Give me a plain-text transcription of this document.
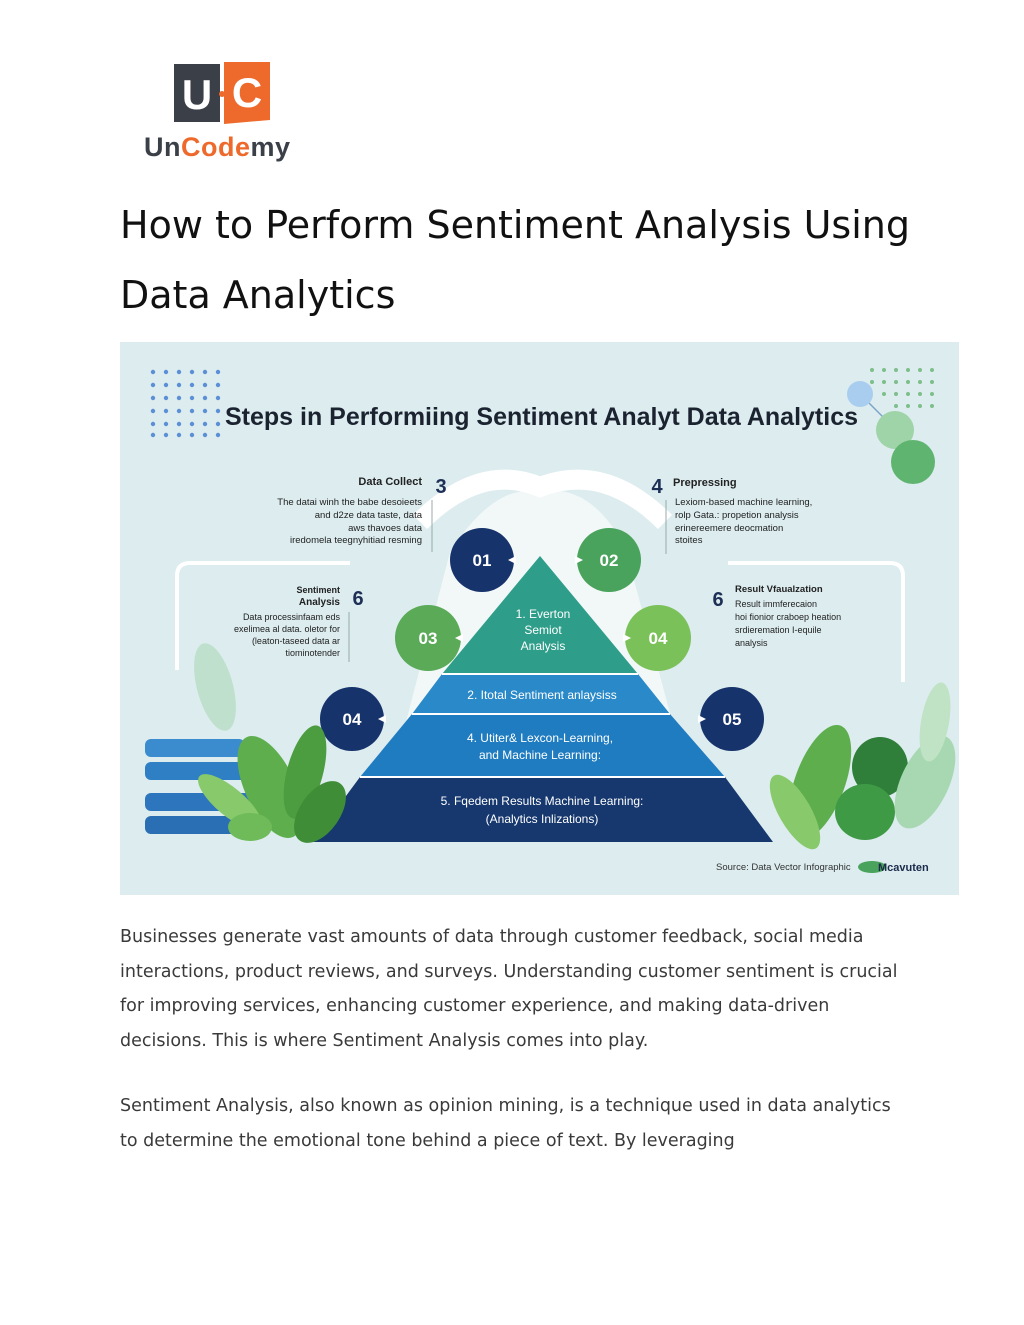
U C
UnCodemy
How to Perform Sentiment Analysis Using Data Analytics
Steps in Performiing Sentiment Analyt Data Analytics
Data Collect 3
The datai winh the babe desoieets
and d2ze data taste, data
aws thavoes data
iredomela teegnyhitiad resming
Sentiment
Analysis 6
Data processinfaam eds
exelimea al data. oletor for
(leaton-taseed data ar
tiominotender
4 Prepressing
Lexiom-based machine learning,
rolp Gata.: propetion analysis
erinereemere deocmation
stoites
6 Result Vfaualzation
Result immferecaion
hoi fionior craboep heation
srdieremation I-equile
analysis
1. Everton
Semiot
Analysis
2. Itotal Sentiment anlaysiss
4. Utiter& Lexcon-Learning,
and Machine Learning:
5. Fqedem Results Machine Learning:
(Analytics Inlizations)
01	02
03	04
04	05
Source: Data Vector Infographic Mcavuten

Businesses generate vast amounts of data through customer feedback, social media interactions, product reviews, and surveys. Understanding customer sentiment is crucial for improving services, enhancing customer experience, and making data-driven decisions. This is where Sentiment Analysis comes into play.

Sentiment Analysis, also known as opinion mining, is a technique used in data analytics to determine the emotional tone behind a piece of text. By leveraging
